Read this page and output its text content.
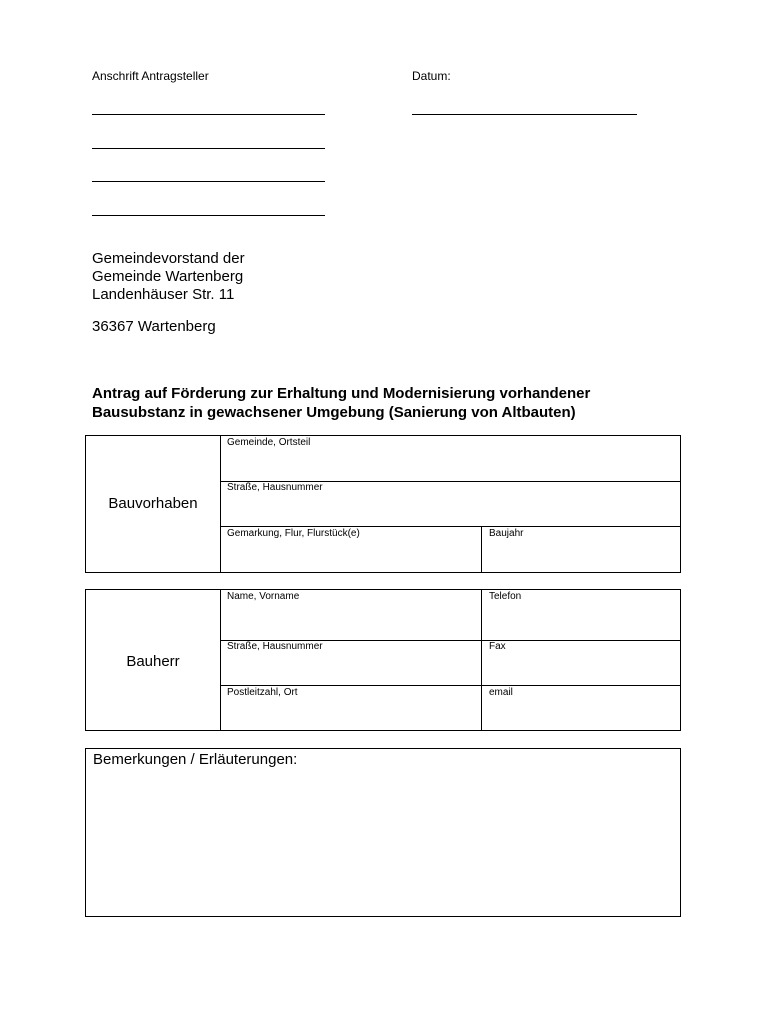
Anschrift Antragsteller	Datum:
Gemeindevorstand der
Gemeinde Wartenberg
Landenhäuser Str. 11
36367 Wartenberg
Antrag auf Förderung zur Erhaltung und Modernisierung vorhandener
Bausubstanz in gewachsener Umgebung (Sanierung von Altbauten)
Bauvorhaben
Gemeinde, Ortsteil
Straße, Hausnummer
Gemarkung, Flur, Flurstück(e)	Baujahr
Bauherr
Name, Vorname	Telefon
Straße, Hausnummer	Fax
Postleitzahl, Ort	email
Bemerkungen / Erläuterungen:
